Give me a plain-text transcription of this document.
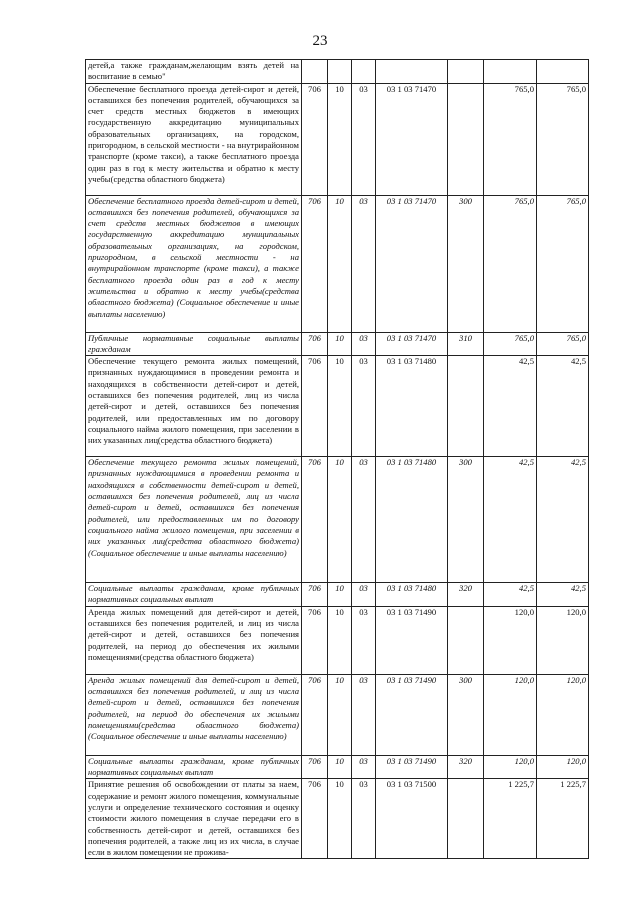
23
детей,а также гражданам,желающим взять детей на воспитание в семью"							
Обеспечение бесплатного проезда детей-сирот и детей, оставшихся без попечения родителей, обучающихся за счет средств местных бюджетов в имеющих государственную аккредитацию муниципальных образовательных организациях, на городском, пригородном, в сельской местности - на внутрирайонном транспорте (кроме такси), а также бесплатного проезда один раз в год к месту жительства и обратно к месту учебы(средства областного бюджета)	706	10	03	03 1 03 71470		765,0	765,0
Обеспечение бесплатного проезда детей-сирот и детей, оставшихся без попечения родителей, обучающихся за счет средств местных бюджетов в имеющих государственную аккредитацию муниципальных образовательных организациях, на городском, пригородном, в сельской местности - на внутрирайонном транспорте (кроме такси), а также бесплатного проезда один раз в год к месту жительства и обратно к месту учебы(средства областного бюджета) (Социальное обеспечение и иные выплаты населению)	706	10	03	03 1 03 71470	300	765,0	765,0
Публичные нормативные социальные выплаты гражданам	706	10	03	03 1 03 71470	310	765,0	765,0
Обеспечение текущего ремонта жилых помещений, признанных нуждающимися в проведении ремонта и находящихся в собственности детей-сирот и детей, оставшихся без попечения родителей, лиц из числа детей-сирот и детей, оставшихся без попечения родителей, или предоставленных им по договору социального найма жилого помещения, при заселении в них указанных лиц(средства областного бюджета)	706	10	03	03 1 03 71480		42,5	42,5
Обеспечение текущего ремонта жилых помещений, признанных нуждающимися в проведении ремонта и находящихся в собственности детей-сирот и детей, оставшихся без попечения родителей, лиц из числа детей-сирот и детей, оставшихся без попечения родителей, или предоставленных им по договору социального найма жилого помещения, при заселении в них указанных лиц(средства областного бюджета) (Социальное обеспечение и иные выплаты населению)	706	10	03	03 1 03 71480	300	42,5	42,5
Социальные выплаты гражданам, кроме публичных нормативных социальных выплат	706	10	03	03 1 03 71480	320	42,5	42,5
Аренда жилых помещений для детей-сирот и детей, оставшихся без попечения родителей, и лиц из числа детей-сирот и детей, оставшихся без попечения родителей, на период до обеспечения их жилыми помещениями(средства областного бюджета)	706	10	03	03 1 03 71490		120,0	120,0
Аренда жилых помещений для детей-сирот и детей, оставшихся без попечения родителей, и лиц из числа детей-сирот и детей, оставшихся без попечения родителей, на период до обеспечения их жилыми помещениями(средства областного бюджета) (Социальное обеспечение и иные выплаты населению)	706	10	03	03 1 03 71490	300	120,0	120,0
Социальные выплаты гражданам, кроме публичных нормативных социальных выплат	706	10	03	03 1 03 71490	320	120,0	120,0
Принятие решения об освобождении от платы за наем, содержание и ремонт жилого помещения, коммунальные услуги и определение технического состояния и оценку стоимости жилого помещения в случае передачи его в собственность детей-сирот и детей, оставшихся без попечения родителей, а также лиц из их числа, в случае если в жилом помещении не прожива-	706	10	03	03 1 03 71500		1 225,7	1 225,7
